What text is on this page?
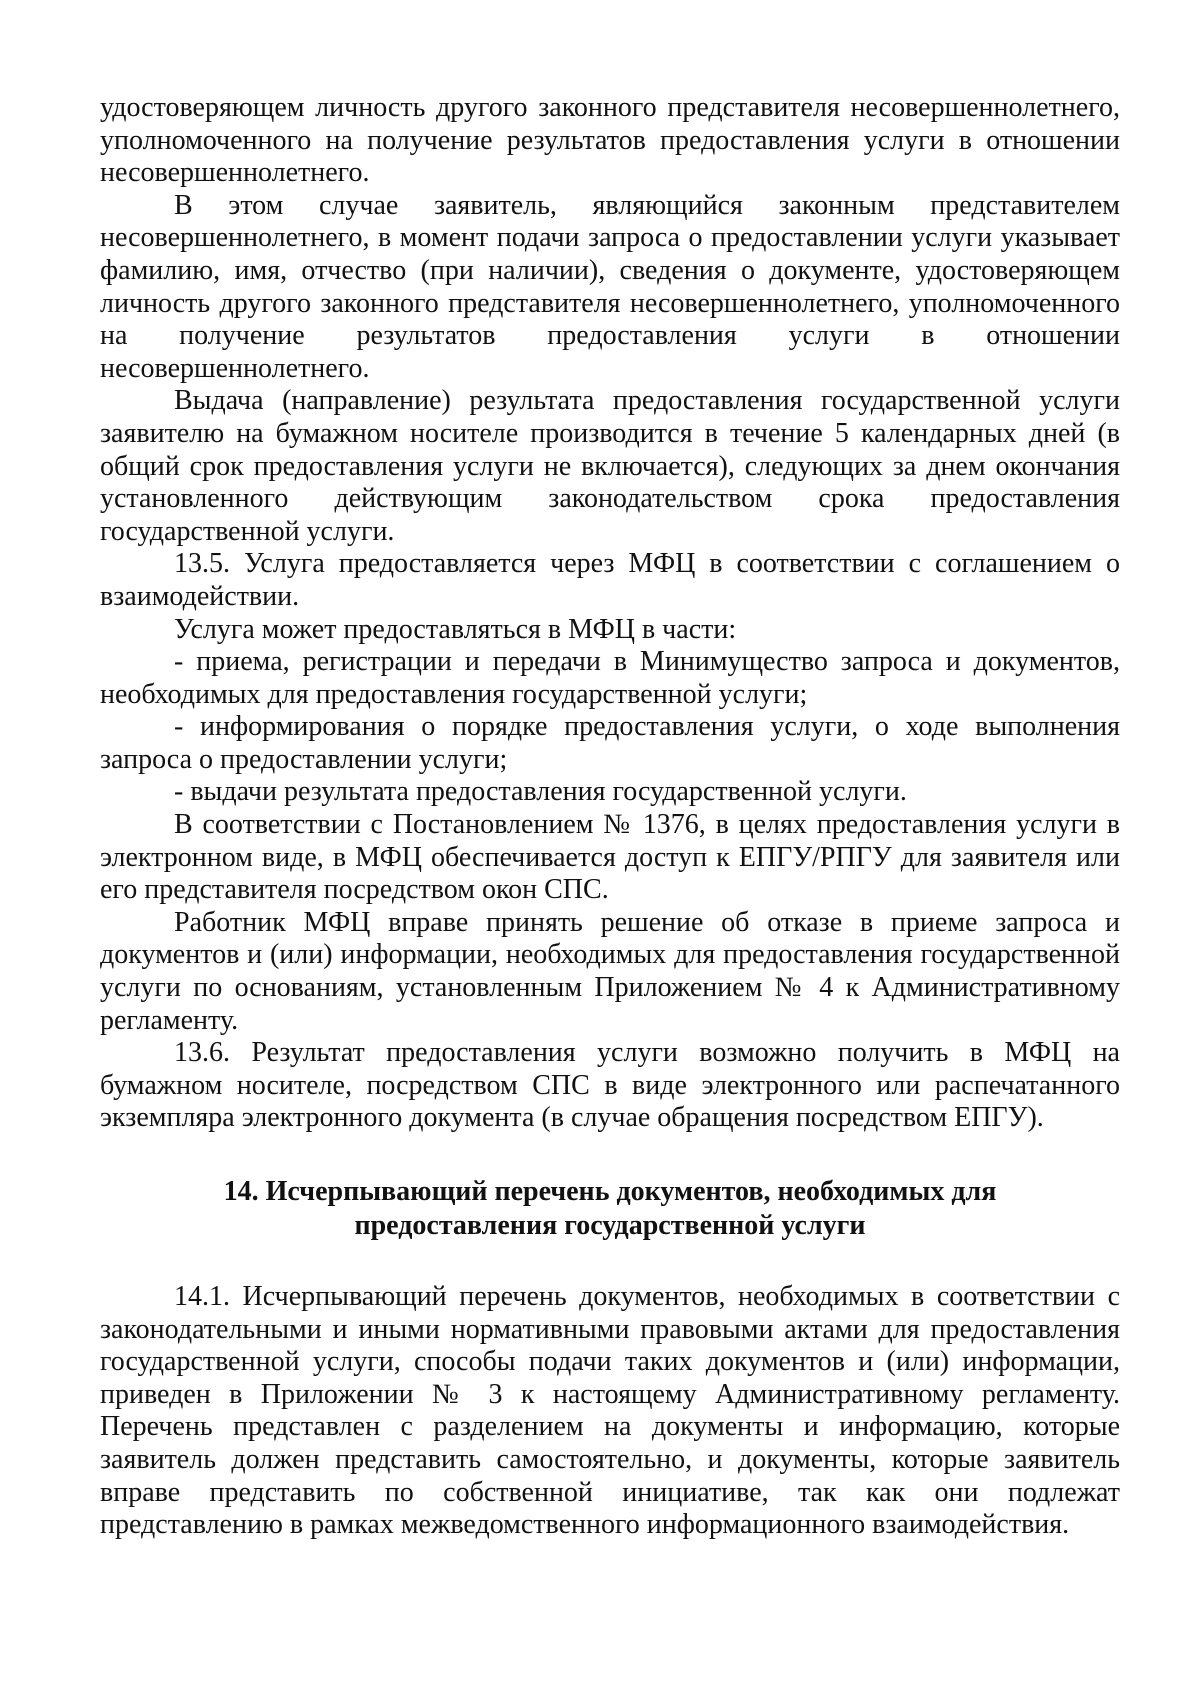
удостоверяющем личность другого законного представителя несовершеннолетнего, уполномоченного на получение результатов предоставления услуги в отношении несовершеннолетнего.

В этом случае заявитель, являющийся законным представителем несовершеннолетнего, в момент подачи запроса о предоставлении услуги указывает фамилию, имя, отчество (при наличии), сведения о документе, удостоверяющем личность другого законного представителя несовершеннолетнего, уполномоченного на получение результатов предоставления услуги в отношении несовершеннолетнего.

Выдача (направление) результата предоставления государственной услуги заявителю на бумажном носителе производится в течение 5 календарных дней (в общий срок предоставления услуги не включается), следующих за днем окончания установленного действующим законодательством срока предоставления государственной услуги.

13.5. Услуга предоставляется через МФЦ в соответствии с соглашением о взаимодействии.

Услуга может предоставляться в МФЦ в части:

- приема, регистрации и передачи в Минимущество запроса и документов, необходимых для предоставления государственной услуги;

- информирования о порядке предоставления услуги, о ходе выполнения запроса о предоставлении услуги;

- выдачи результата предоставления государственной услуги.

В соответствии с Постановлением № 1376, в целях предоставления услуги в электронном виде, в МФЦ обеспечивается доступ к ЕПГУ/РПГУ для заявителя или его представителя посредством окон СПС.

Работник МФЦ вправе принять решение об отказе в приеме запроса и документов и (или) информации, необходимых для предоставления государственной услуги по основаниям, установленным Приложением № 4 к Административному регламенту.

13.6. Результат предоставления услуги возможно получить в МФЦ на бумажном носителе, посредством СПС в виде электронного или распечатанного экземпляра электронного документа (в случае обращения посредством ЕПГУ).

14. Исчерпывающий перечень документов, необходимых для
предоставления государственной услуги

14.1. Исчерпывающий перечень документов, необходимых в соответствии с законодательными и иными нормативными правовыми актами для предоставления государственной услуги, способы подачи таких документов и (или) информации, приведен в Приложении № 3 к настоящему Административному регламенту. Перечень представлен с разделением на документы и информацию, которые заявитель должен представить самостоятельно, и документы, которые заявитель вправе представить по собственной инициативе, так как они подлежат представлению в рамках межведомственного информационного взаимодействия.
